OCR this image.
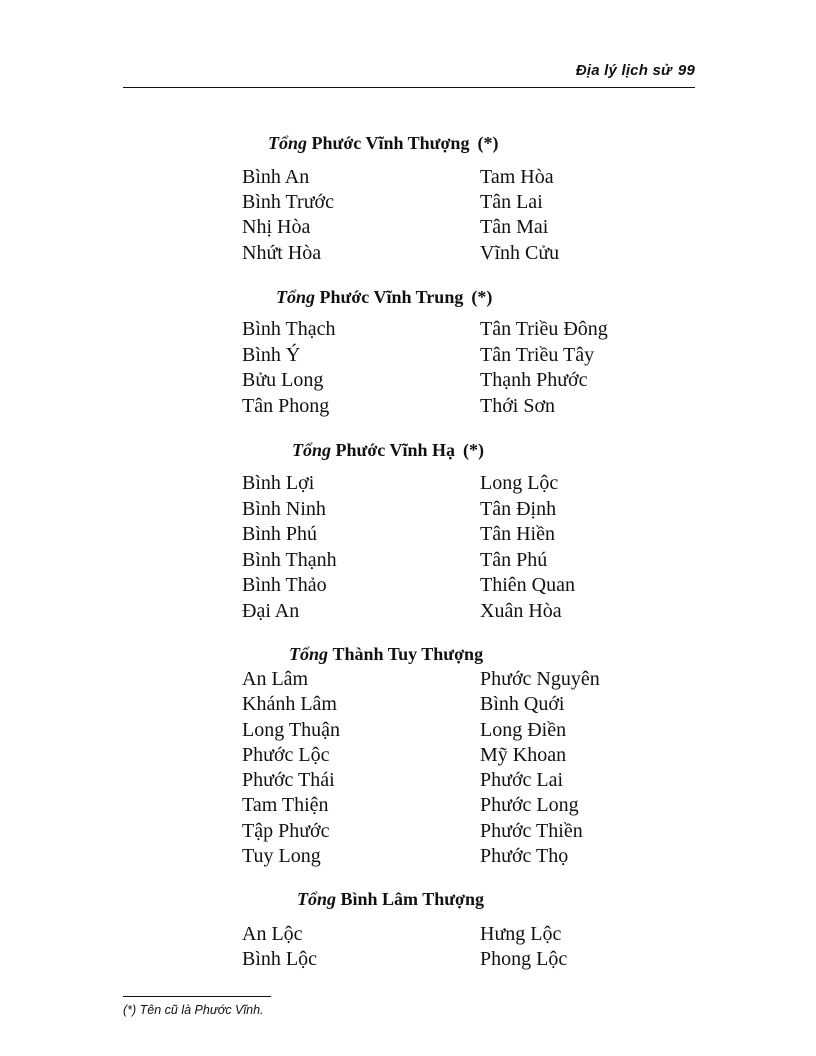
Địa lý lịch sử 99
Tổng Phước Vĩnh Thượng (*)
Bình An	Tam Hòa
Bình Trước	Tân Lai
Nhị Hòa	Tân Mai
Nhứt Hòa	Vĩnh Cửu
Tổng Phước Vĩnh Trung (*)
Bình Thạch	Tân Triều Đông
Bình Ý	Tân Triều Tây
Bửu Long	Thạnh Phước
Tân Phong	Thới Sơn
Tổng Phước Vĩnh Hạ (*)
Bình Lợi	Long Lộc
Bình Ninh	Tân Định
Bình Phú	Tân Hiền
Bình Thạnh	Tân Phú
Bình Thảo	Thiên Quan
Đại An	Xuân Hòa
Tổng Thành Tuy Thượng
An Lâm	Phước Nguyên
Khánh Lâm	Bình Quới
Long Thuận	Long Điền
Phước Lộc	Mỹ Khoan
Phước Thái	Phước Lai
Tam Thiện	Phước Long
Tập Phước	Phước Thiền
Tuy Long	Phước Thọ
Tổng Bình Lâm Thượng
An Lộc	Hưng Lộc
Bình Lộc	Phong Lộc
(*) Tên cũ là Phước Vĩnh.
